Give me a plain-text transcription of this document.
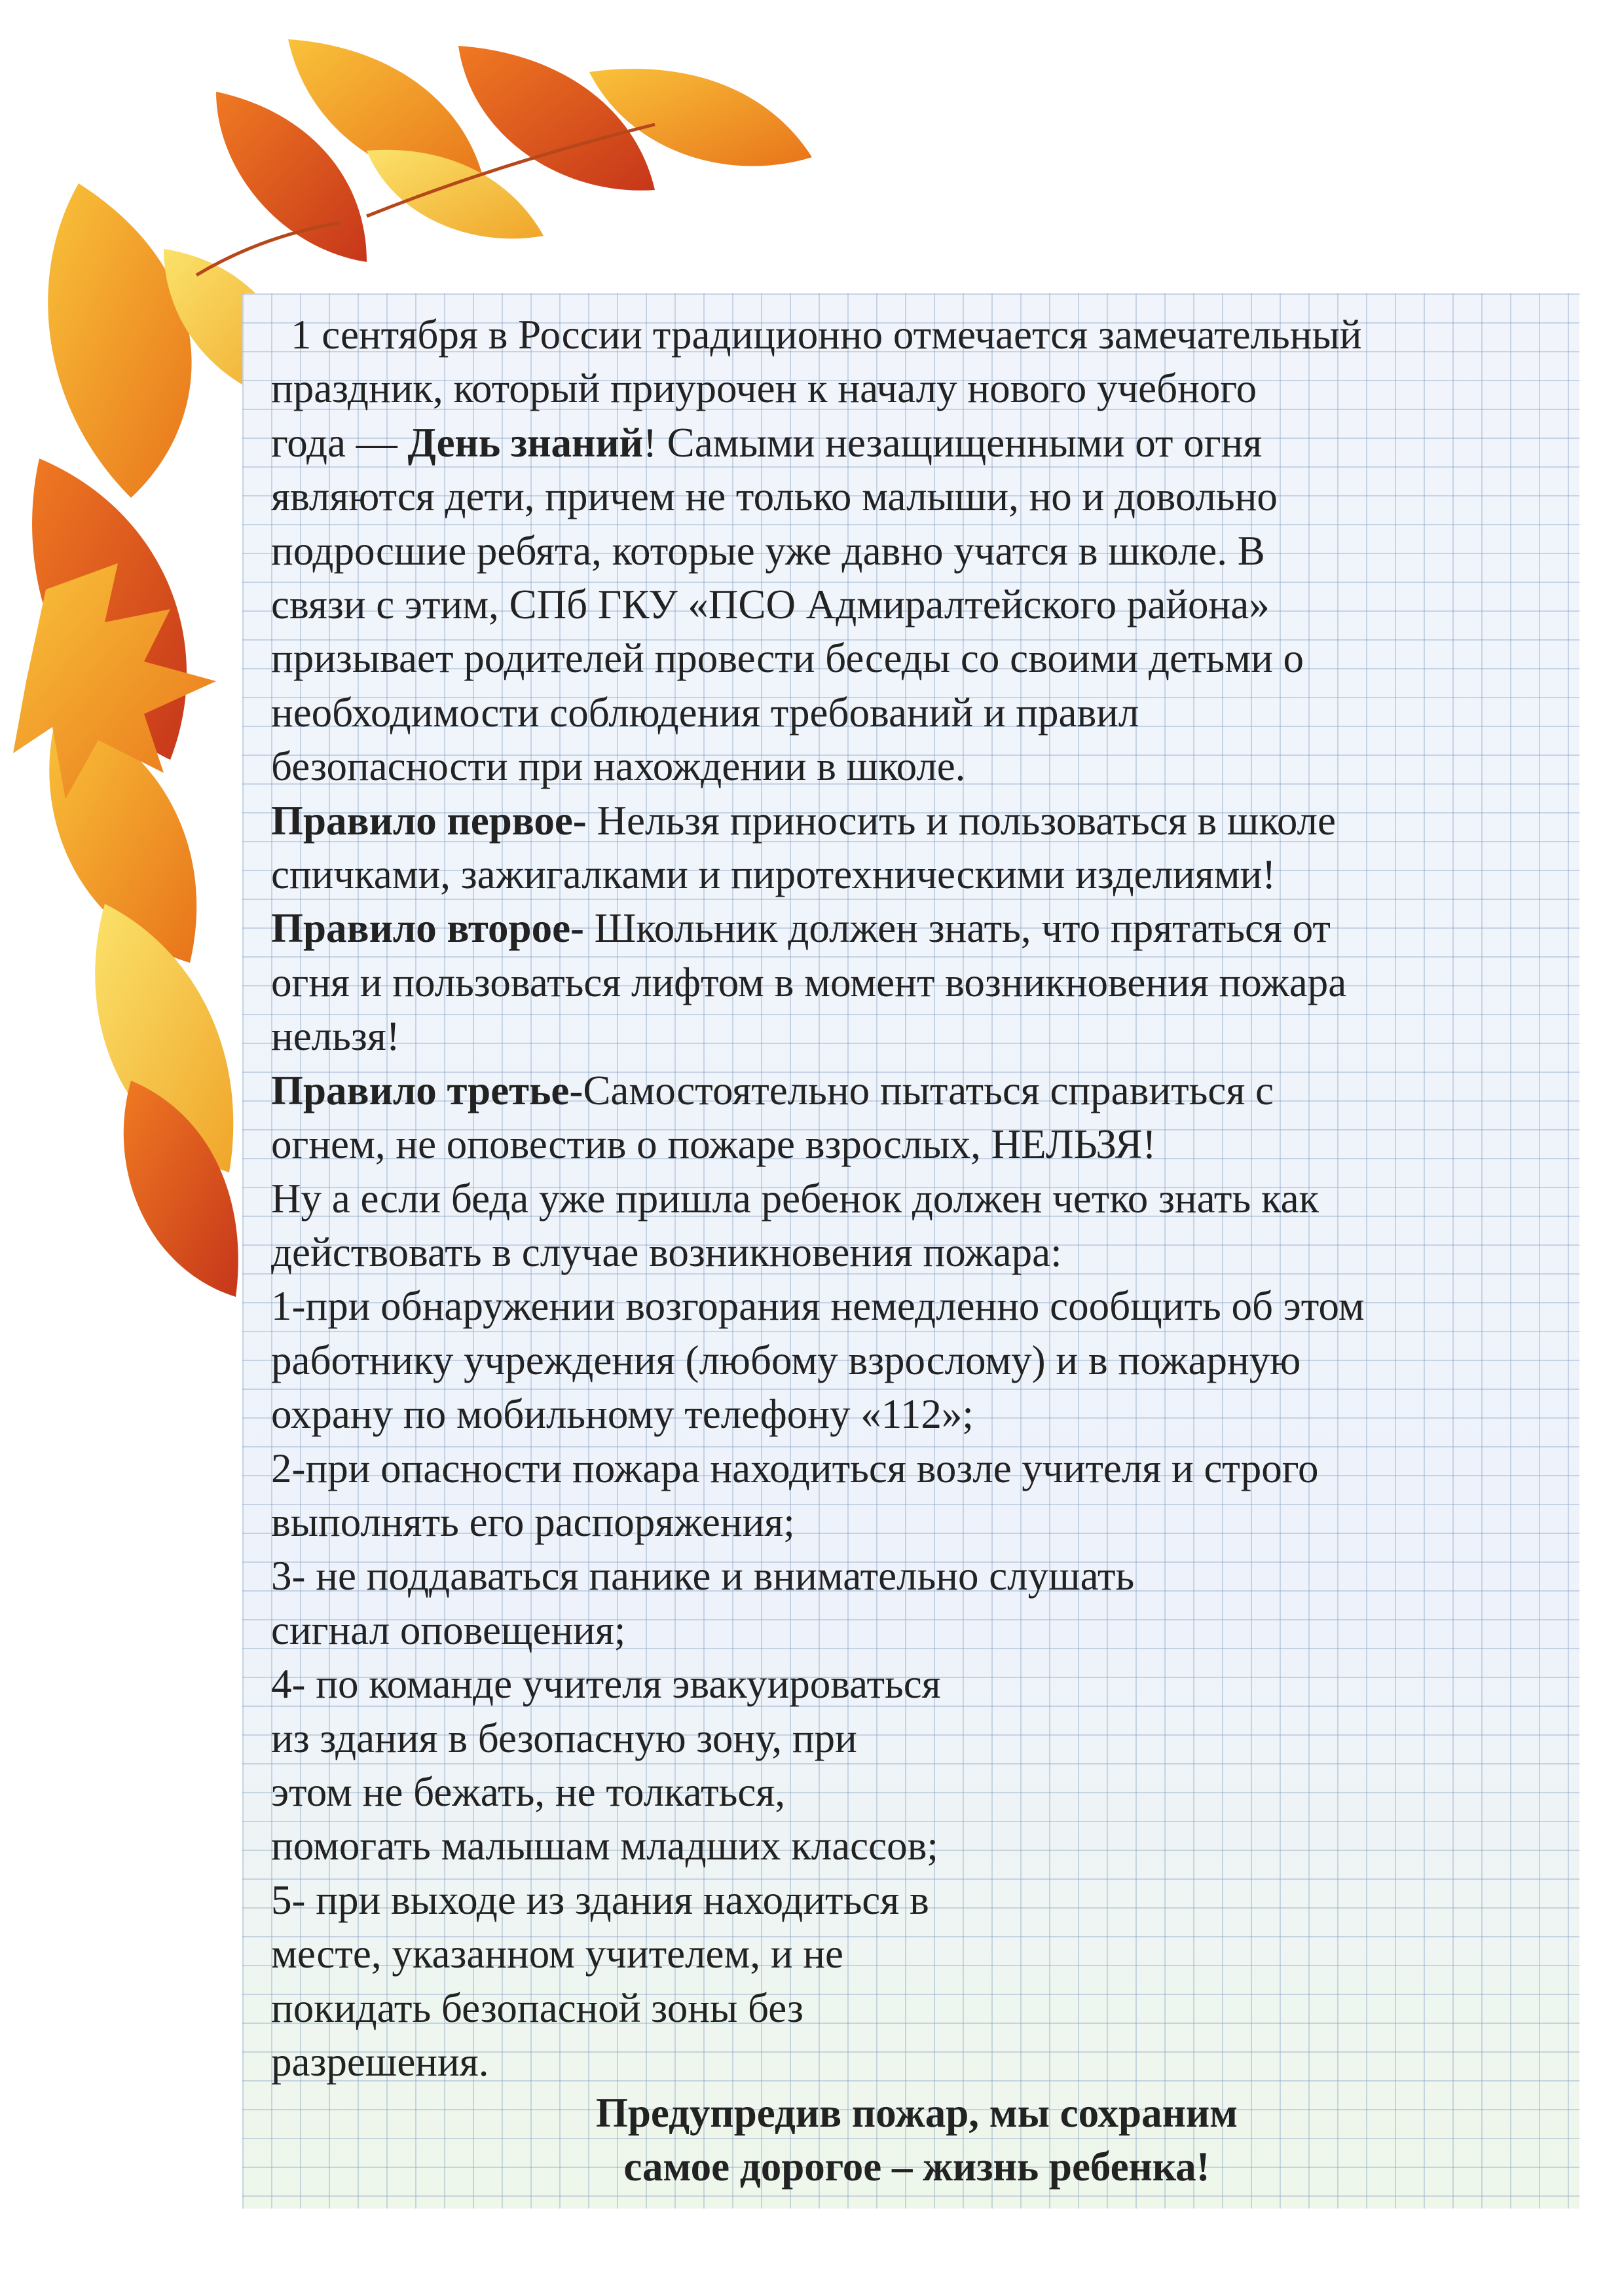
1 сентября в России традиционно отмечается замечательный

праздник, который приурочен к началу нового учебного

года — День знаний! Самыми незащищенными от огня

являются дети, причем не только малыши, но и довольно

подросшие ребята, которые уже давно учатся в школе. В

связи с этим, СПб ГКУ «ПСО Адмиралтейского района»

призывает родителей провести беседы со своими детьми о

необходимости соблюдения требований и правил

безопасности при нахождении в школе.

Правило первое- Нельзя приносить и пользоваться в школе

спичками, зажигалками и пиротехническими изделиями!

Правило второе- Школьник должен знать, что прятаться от

огня и пользоваться лифтом в момент возникновения пожара

нельзя!

Правило третье-Самостоятельно пытаться справиться с

огнем, не оповестив о пожаре взрослых, НЕЛЬЗЯ!

Ну а если беда уже пришла ребенок должен четко знать как

действовать в случае возникновения пожара:

1-при обнаружении возгорания немедленно сообщить об этом

работнику учреждения (любому взрослому) и в пожарную

охрану по мобильному телефону «112»;

2-при опасности пожара находиться возле учителя и строго

выполнять его распоряжения;

3- не поддаваться панике и внимательно слушать

сигнал оповещения;

4- по команде учителя эвакуироваться

из здания в безопасную зону, при

этом не бежать, не толкаться,

помогать малышам младших классов;

5- при выходе из здания находиться в

месте, указанном учителем, и не

покидать безопасной зоны без

разрешения.

Предупредив пожар, мы сохраним
самое дорогое – жизнь ребенка!
